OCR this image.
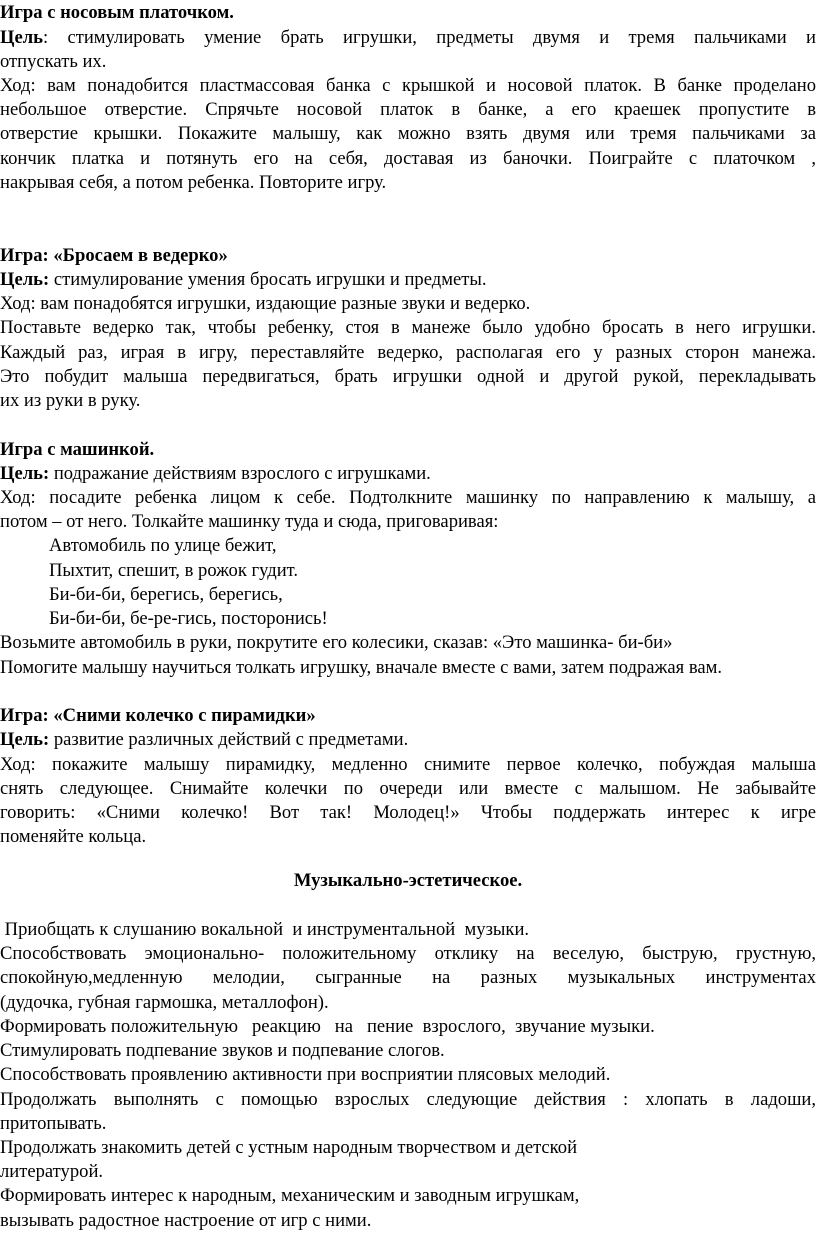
Игра с носовым платочком.
Цель: стимулировать умение брать игрушки, предметы двумя и тремя пальчиками и
отпускать их.
Ход: вам понадобится пластмассовая банка с крышкой и носовой платок. В банке проделано
небольшое отверстие. Спрячьте носовой платок в банке, а его краешек пропустите в
отверстие крышки. Покажите малышу, как можно взять двумя или тремя пальчиками за
кончик платка и потянуть его на себя, доставая из баночки. Поиграйте с платочком ,
накрывая себя, а потом ребенка. Повторите игру.
Игра: «Бросаем в ведерко»
Цель: стимулирование умения бросать игрушки и предметы.
Ход: вам понадобятся игрушки, издающие разные звуки и ведерко.
Поставьте ведерко так, чтобы ребенку, стоя в манеже было удобно бросать в него игрушки.
Каждый раз, играя в игру, переставляйте ведерко, располагая его у разных сторон манежа.
Это побудит малыша передвигаться, брать игрушки одной и другой рукой, перекладывать
их из руки в руку.
Игра с машинкой.
Цель: подражание действиям взрослого с игрушками.
Ход: посадите ребенка лицом к себе. Подтолкните машинку по направлению к малышу, а
потом – от него. Толкайте машинку туда и сюда, приговаривая:
Автомобиль по улице бежит,
Пыхтит, спешит, в рожок гудит.
Би-би-би, берегись, берегись,
Би-би-би, бе-ре-гись, посторонись!
Возьмите автомобиль в руки, покрутите его колесики, сказав: «Это машинка- би-би»
Помогите малышу научиться толкать игрушку, вначале вместе с вами, затем подражая вам.
Игра: «Сними колечко с пирамидки»
Цель: развитие различных действий с предметами.
Ход: покажите малышу пирамидку, медленно снимите первое колечко, побуждая малыша
снять следующее. Снимайте колечки по очереди или вместе с малышом. Не забывайте
говорить: «Сними колечко! Вот так! Молодец!» Чтобы поддержать интерес к игре
поменяйте кольца.
Музыкально-эстетическое.
Приобщать к слушанию вокальной  и инструментальной  музыки.
Способствовать эмоционально- положительному отклику на веселую, быструю, грустную,
спокойную,медленную мелодии, сыгранные на разных музыкальных инструментах
(дудочка, губная гармошка, металлофон).
Формировать положительную   реакцию   на   пение  взрослого,  звучание музыки.
Стимулировать подпевание звуков и подпевание слогов.
Способствовать проявлению активности при восприятии плясовых мелодий.
Продолжать выполнять с помощью взрослых следующие действия : хлопать в ладоши,
притопывать.
Продолжать знакомить детей с устным народным творчеством и детской
литературой.
Формировать интерес к народным, механическим и заводным игрушкам,
вызывать радостное настроение от игр с ними.
